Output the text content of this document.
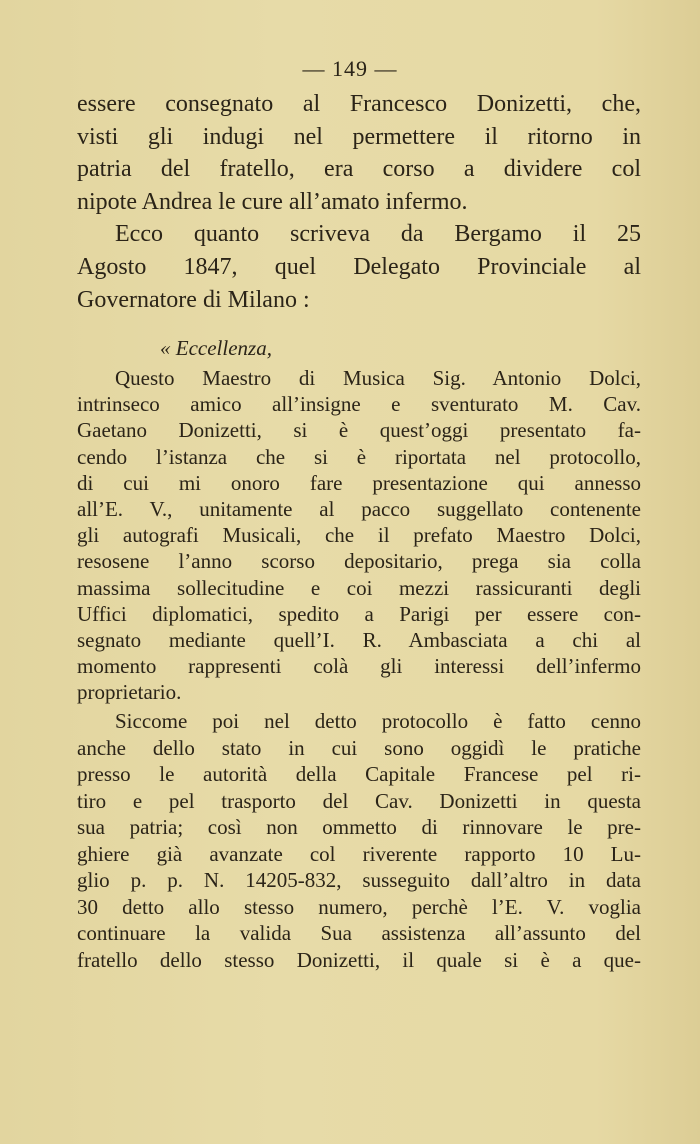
— 149 —
essere consegnato al Francesco Donizetti, che,
visti gli indugi nel permettere il ritorno in
patria del fratello, era corso a dividere col
nipote Andrea le cure all’amato infermo.
Ecco quanto scriveva da Bergamo il 25
Agosto 1847, quel Delegato Provinciale al
Governatore di Milano :
« Eccellenza,
Questo Maestro di Musica Sig. Antonio Dolci,
intrinseco amico all’insigne e sventurato M. Cav.
Gaetano Donizetti, si è quest’oggi presentato fa-
cendo l’istanza che si è riportata nel protocollo,
di cui mi onoro fare presentazione qui annesso
all’E. V., unitamente al pacco suggellato contenente
gli autografi Musicali, che il prefato Maestro Dolci,
resosene l’anno scorso depositario, prega sia colla
massima sollecitudine e coi mezzi rassicuranti degli
Uffici diplomatici, spedito a Parigi per essere con-
segnato mediante quell’I. R. Ambasciata a chi al
momento rappresenti colà gli interessi dell’infermo
proprietario.
Siccome poi nel detto protocollo è fatto cenno
anche dello stato in cui sono oggidì le pratiche
presso le autorità della Capitale Francese pel ri-
tiro e pel trasporto del Cav. Donizetti in questa
sua patria; così non ommetto di rinnovare le pre-
ghiere già avanzate col riverente rapporto 10 Lu-
glio p. p. N. 14205-832, susseguito dall’altro in data
30 detto allo stesso numero, perchè l’E. V. voglia
continuare la valida Sua assistenza all’assunto del
fratello dello stesso Donizetti, il quale si è a que-
